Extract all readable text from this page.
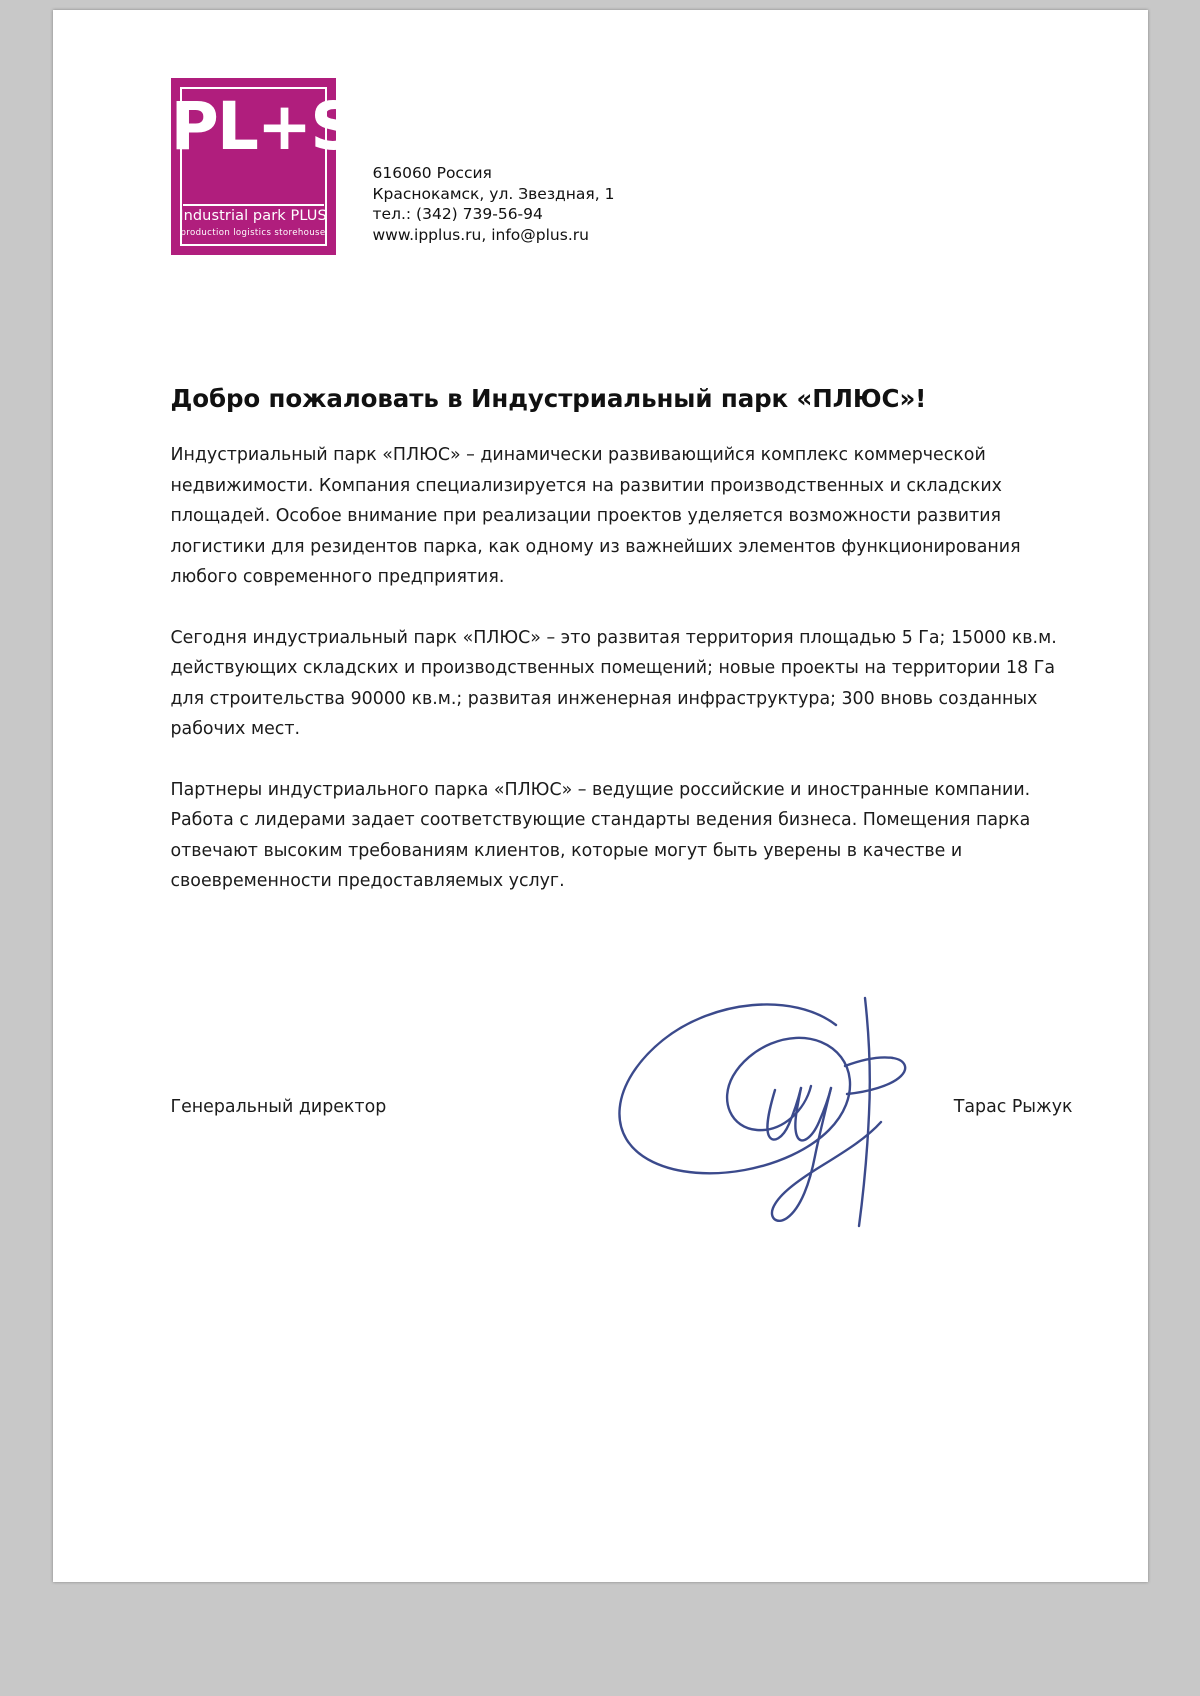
PL+S
Industrial park PLUS
production logistics storehouse
616060 Россия
Краснокамск, ул. Звездная, 1
тел.: (342) 739-56-94
www.ipplus.ru, info@plus.ru
Добро пожаловать в Индустриальный парк «ПЛЮС»!

Индустриальный парк «ПЛЮС» – динамически развивающийся комплекс коммерческой недвижимости. Компания специализируется на развитии производственных и складских площадей. Особое внимание при реализации проектов уделяется возможности развития логистики для резидентов парка, как одному из важнейших элементов функционирования любого современного предприятия.

Сегодня индустриальный парк «ПЛЮС» – это развитая территория площадью 5 Га; 15000 кв.м. действующих складских и производственных помещений; новые проекты на территории 18 Га для строительства 90000 кв.м.; развитая инженерная инфраструктура; 300 вновь созданных рабочих мест.

Партнеры индустриального парка «ПЛЮС» – ведущие российские и иностранные компании. Работа с лидерами задает соответствующие стандарты ведения бизнеса. Помещения парка отвечают высоким требованиям клиентов, которые могут быть уверены в качестве и своевременности предоставляемых услуг.

Генеральный директор	Тарас Рыжук
